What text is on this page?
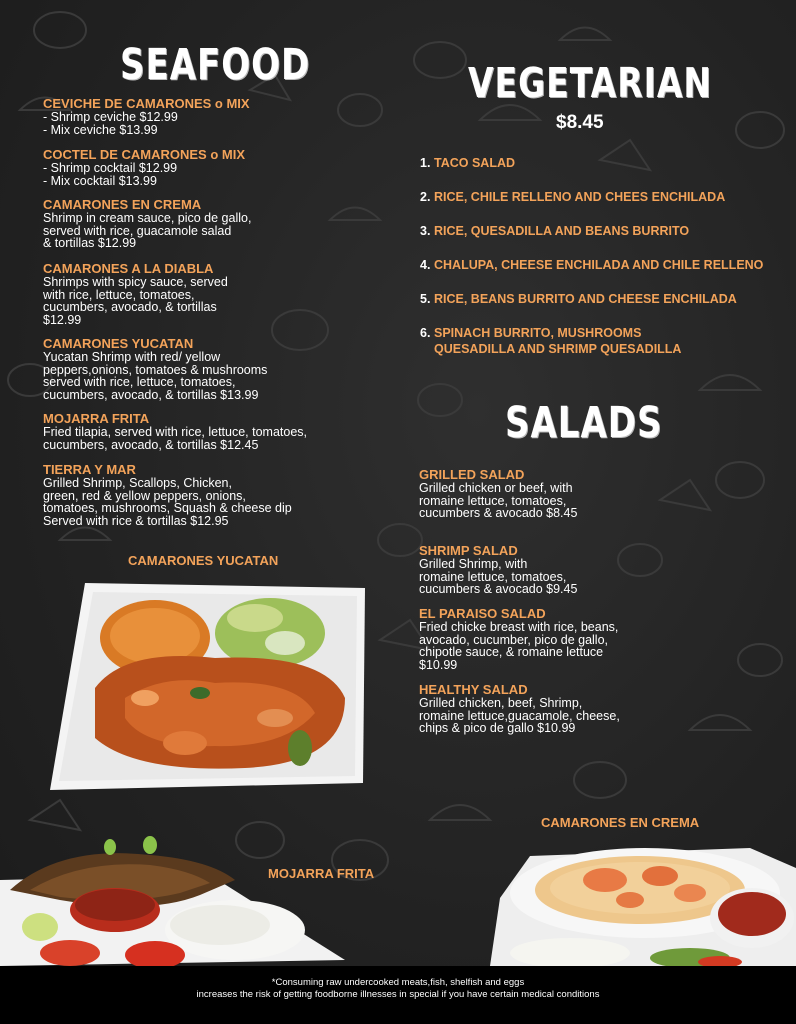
SEAFOOD
CEVICHE DE CAMARONES o MIX
- Shrimp ceviche $12.99
- Mix ceviche $13.99
COCTEL DE CAMARONES o MIX
- Shrimp cocktail $12.99
- Mix cocktail $13.99
CAMARONES EN CREMA
Shrimp in cream sauce, pico de gallo,
served with rice, guacamole salad
& tortillas $12.99
CAMARONES A LA DIABLA
Shrimps with spicy sauce, served
with rice, lettuce, tomatoes,
cucumbers, avocado, & tortillas
$12.99
CAMARONES YUCATAN
Yucatan Shrimp with red/ yellow
peppers,onions, tomatoes & mushrooms
served with rice, lettuce, tomatoes,
cucumbers, avocado, & tortillas $13.99
MOJARRA FRITA
Fried tilapia, served with rice, lettuce, tomatoes,
cucumbers, avocado, & tortillas $12.45
TIERRA Y MAR
Grilled Shrimp, Scallops, Chicken,
green, red & yellow peppers, onions,
tomatoes, mushrooms, Squash & cheese dip
Served with rice & tortillas $12.95
VEGETARIAN
$8.45
1. TACO SALAD
2. RICE, CHILE RELLENO AND CHEES ENCHILADA
3. RICE, QUESADILLA AND BEANS BURRITO
4. CHALUPA, CHEESE ENCHILADA AND CHILE RELLENO
5. RICE, BEANS BURRITO AND CHEESE ENCHILADA
6. SPINACH BURRITO, MUSHROOMS QUESADILLA AND SHRIMP QUESADILLA
SALADS
GRILLED SALAD
Grilled chicken or beef, with
romaine lettuce, tomatoes,
cucumbers & avocado $8.45
SHRIMP SALAD
Grilled Shrimp, with
romaine lettuce, tomatoes,
cucumbers & avocado $9.45
EL PARAISO SALAD
Fried chicke breast with rice, beans,
avocado, cucumber, pico de gallo,
chipotle sauce, & romaine lettuce
$10.99
HEALTHY SALAD
Grilled chicken, beef, Shrimp,
romaine lettuce,guacamole, cheese,
chips & pico de gallo $10.99
CAMARONES YUCATAN
MOJARRA FRITA
CAMARONES EN CREMA
*Consuming raw undercooked meats,fish, shelfish and eggs
increases the risk of getting foodborne illnesses in special if you have certain medical conditions
